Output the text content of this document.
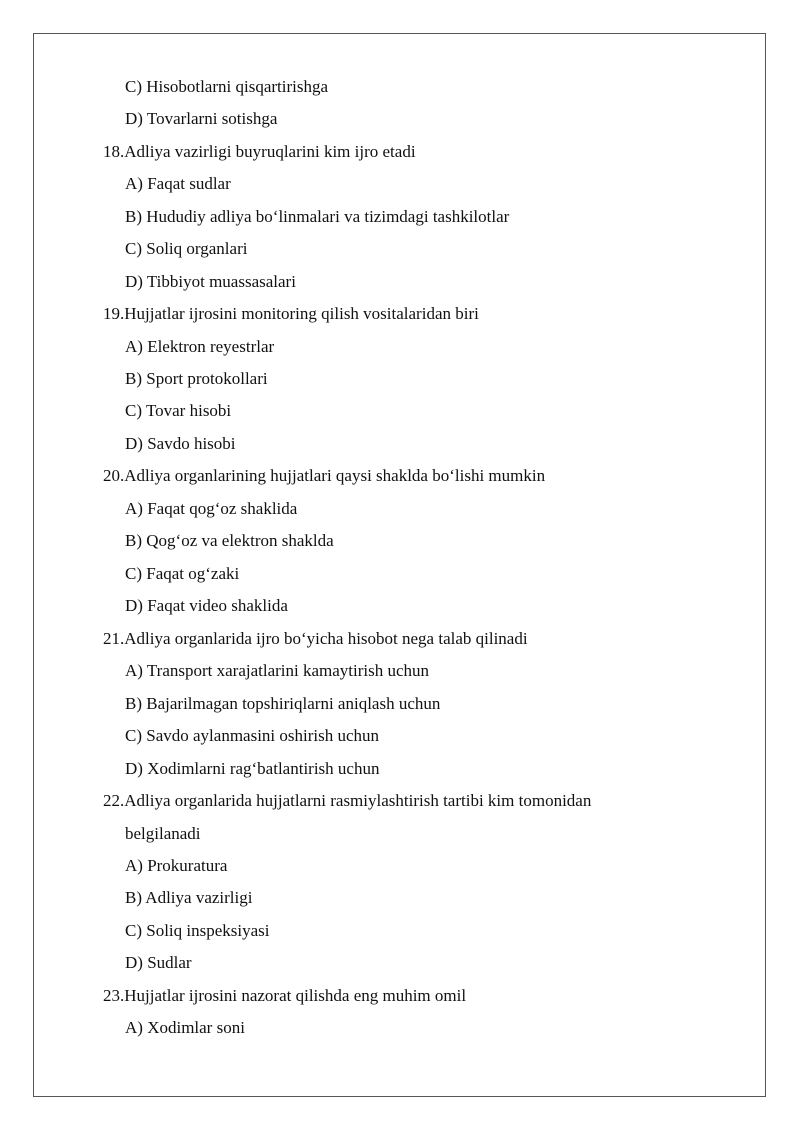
C) Hisobotlarni qisqartirishga
D) Tovarlarni sotishga
18.Adliya vazirligi buyruqlarini kim ijro etadi
A) Faqat sudlar
B) Hududiy adliya bo‘linmalari va tizimdagi tashkilotlar
C) Soliq organlari
D) Tibbiyot muassasalari
19.Hujjatlar ijrosini monitoring qilish vositalaridan biri
A) Elektron reyestrlar
B) Sport protokollari
C) Tovar hisobi
D) Savdo hisobi
20.Adliya organlarining hujjatlari qaysi shaklda bo‘lishi mumkin
A) Faqat qog‘oz shaklida
B) Qog‘oz va elektron shaklda
C) Faqat og‘zaki
D) Faqat video shaklida
21.Adliya organlarida ijro bo‘yicha hisobot nega talab qilinadi
A) Transport xarajatlarini kamaytirish uchun
B) Bajarilmagan topshiriqlarni aniqlash uchun
C) Savdo aylanmasini oshirish uchun
D) Xodimlarni rag‘batlantirish uchun
22.Adliya organlarida hujjatlarni rasmiylashtirish tartibi kim tomonidan
belgilanadi
A) Prokuratura
B) Adliya vazirligi
C) Soliq inspeksiyasi
D) Sudlar
23.Hujjatlar ijrosini nazorat qilishda eng muhim omil
A) Xodimlar soni
